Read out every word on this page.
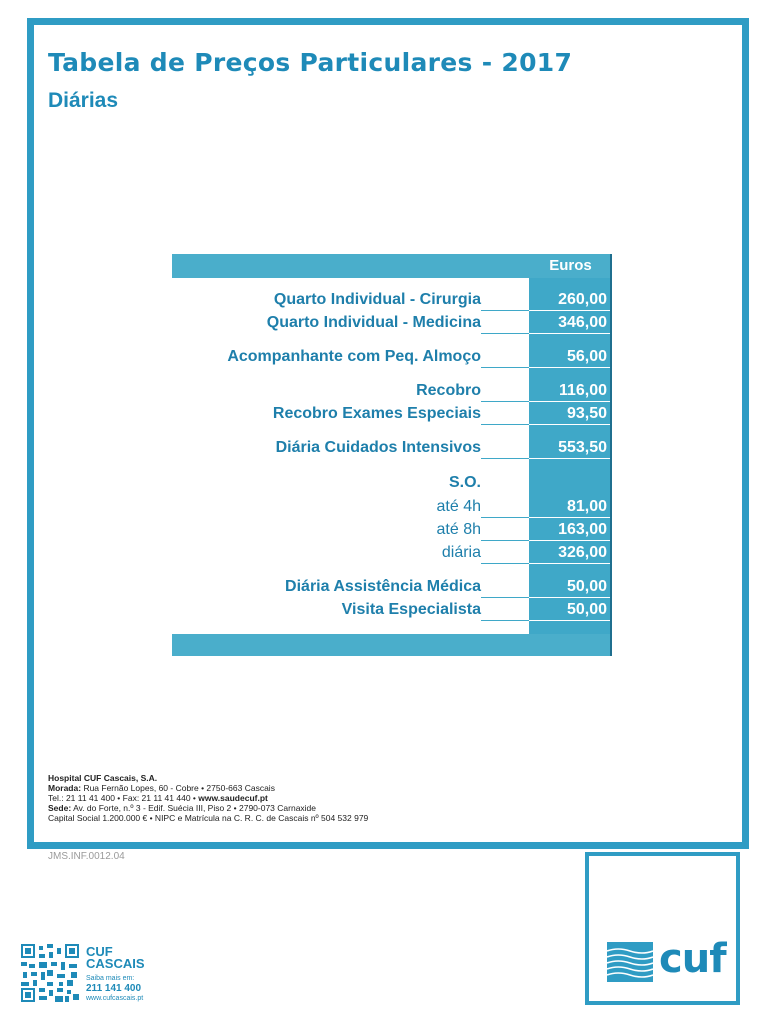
Tabela de Preços Particulares - 2017
Diárias
Euros
Quarto Individual - Cirurgia	260,00
Quarto Individual - Medicina	346,00
Acompanhante com Peq. Almoço	56,00
Recobro	116,00
Recobro Exames Especiais	93,50
Diária Cuidados Intensivos	553,50
S.O.
até 4h	81,00
até 8h	163,00
diária	326,00
Diária Assistência Médica	50,00
Visita Especialista	50,00
Hospital CUF Cascais, S.A.
Morada: Rua Fernão Lopes, 60 - Cobre • 2750-663 Cascais
Tel.: 21 11 41 400 • Fax: 21 11 41 440 • www.saudecuf.pt
Sede: Av. do Forte, n.º 3 - Edif. Suécia III, Piso 2 • 2790-073 Carnaxide
Capital Social 1.200.000 € • NIPC e Matrícula na C. R. C. de Cascais nº 504 532 979
JMS.INF.0012.04
cuf
CUF
CASCAIS
Saiba mais em:
211 141 400
www.cufcascais.pt
